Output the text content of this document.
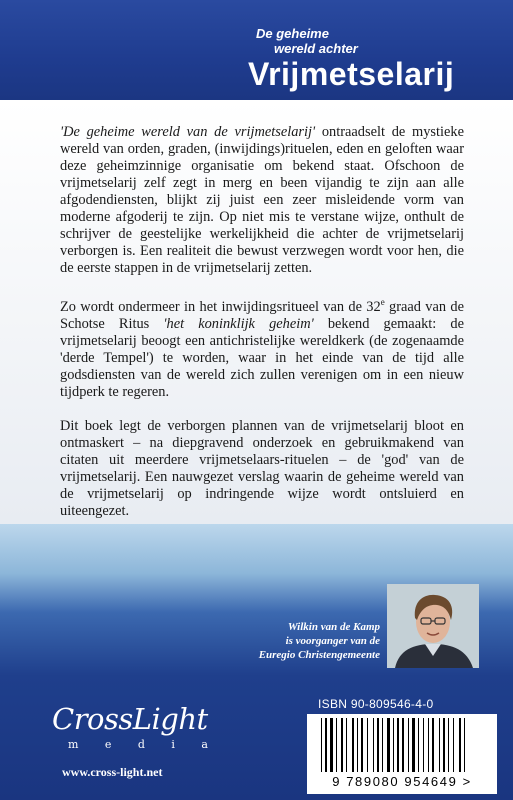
De geheime
wereld achter
Vrijmetselarij

'De geheime wereld van de vrijmetselarij' ontraadselt de mystieke wereld van orden, graden, (inwijdings)rituelen, eden en geloften waar deze geheimzinnige organisatie om bekend staat. Ofschoon de vrijmetselarij zelf zegt in merg en been vijandig te zijn aan alle afgodendiensten, blijkt zij juist een zeer misleidende vorm van moderne afgoderij te zijn. Op niet mis te verstane wijze, onthult de schrijver de geestelijke werkelijkheid die achter de vrijmetselarij verborgen is. Een realiteit die bewust verzwegen wordt voor hen, die de eerste stappen in de vrijmetselarij zetten.

Zo wordt ondermeer in het inwijdingsritueel van de 32e graad van de Schotse Ritus 'het koninklijk geheim' bekend gemaakt: de vrijmetselarij beoogt een antichristelijke wereldkerk (de zogenaamde 'derde Tempel') te worden, waar in het einde van de tijd alle godsdiensten van de wereld zich zullen verenigen om in een nieuw tijdperk te regeren.

Dit boek legt de verborgen plannen van de vrijmetselarij bloot en ontmaskert – na diepgravend onderzoek en gebruikmakend van citaten uit meerdere vrijmetselaars-rituelen – de 'god' van de vrijmetselarij. Een nauwgezet verslag waarin de geheime wereld van de vrijmetselarij op indringende wijze wordt ontsluierd en uiteengezet.

Wilkin van de Kamp
is voorganger van de
Euregio Christengemeente
ISBN 90-809546-4-0
9 789080 954649 >
CrossLight
m e d i a
www.cross-light.net
